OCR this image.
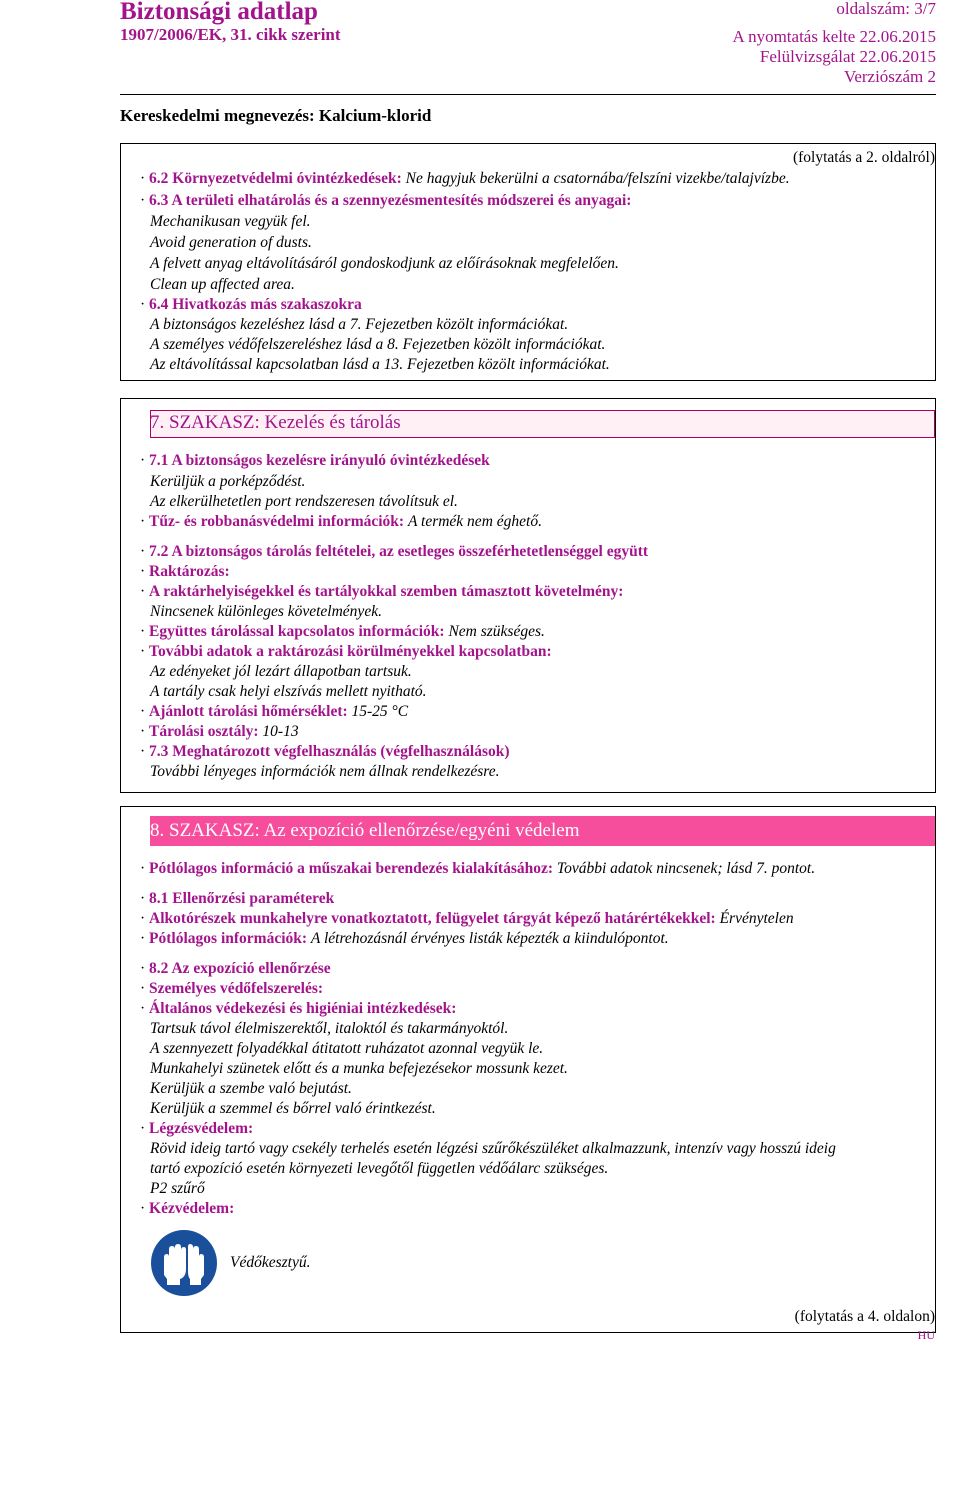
Biztonsági adatlap
1907/2006/EK, 31. cikk szerint
oldalszám: 3/7
A nyomtatás kelte 22.06.2015
Felülvizsgálat 22.06.2015
Verziószám 2
Kereskedelmi megnevezés: Kalcium-klorid
(folytatás a 2. oldalról)
· 6.2 Környezetvédelmi óvintézkedések: Ne hagyjuk bekerülni a csatornába/felszíni vizekbe/talajvízbe.
· 6.3 A területi elhatárolás és a szennyezésmentesítés módszerei és anyagai:
Mechanikusan vegyük fel.
Avoid generation of dusts.
A felvett anyag eltávolításáról gondoskodjunk az előírásoknak megfelelően.
Clean up affected area.
· 6.4 Hivatkozás más szakaszokra
A biztonságos kezeléshez lásd a 7. Fejezetben közölt információkat.
A személyes védőfelszereléshez lásd a 8. Fejezetben közölt információkat.
Az eltávolítással kapcsolatban lásd a 13. Fejezetben közölt információkat.
7. SZAKASZ: Kezelés és tárolás
· 7.1 A biztonságos kezelésre irányuló óvintézkedések
Kerüljük a porképződést.
Az elkerülhetetlen port rendszeresen távolítsuk el.
· Tűz- és robbanásvédelmi információk: A termék nem éghető.
· 7.2 A biztonságos tárolás feltételei, az esetleges összeférhetetlenséggel együtt
· Raktározás:
· A raktárhelyiségekkel és tartályokkal szemben támasztott követelmény:
Nincsenek különleges követelmények.
· Együttes tárolással kapcsolatos információk: Nem szükséges.
· További adatok a raktározási körülményekkel kapcsolatban:
Az edényeket jól lezárt állapotban tartsuk.
A tartály csak helyi elszívás mellett nyitható.
· Ajánlott tárolási hőmérséklet: 15-25 °C
· Tárolási osztály: 10-13
· 7.3 Meghatározott végfelhasználás (végfelhasználások)
További lényeges információk nem állnak rendelkezésre.
8. SZAKASZ: Az expozíció ellenőrzése/egyéni védelem
· Pótlólagos információ a műszakai berendezés kialakításához: További adatok nincsenek; lásd 7. pontot.
· 8.1 Ellenőrzési paraméterek
· Alkotórészek munkahelyre vonatkoztatott, felügyelet tárgyát képező határértékekkel: Érvénytelen
· Pótlólagos információk: A létrehozásnál érvényes listák képezték a kiindulópontot.
· 8.2 Az expozíció ellenőrzése
· Személyes védőfelszerelés:
· Általános védekezési és higiéniai intézkedések:
Tartsuk távol élelmiszerektől, italoktól és takarmányoktól.
A szennyezett folyadékkal átitatott ruházatot azonnal vegyük le.
Munkahelyi szünetek előtt és a munka befejezésekor mossunk kezet.
Kerüljük a szembe való bejutást.
Kerüljük a szemmel és bőrrel való érintkezést.
· Légzésvédelem:
Rövid ideig tartó vagy csekély terhelés esetén légzési szűrőkészüléket alkalmazzunk, intenzív vagy hosszú ideig
tartó expozíció esetén környezeti levegőtől független védőálarc szükséges.
P2 szűrő
· Kézvédelem:
Védőkesztyű.
(folytatás a 4. oldalon)
HU
